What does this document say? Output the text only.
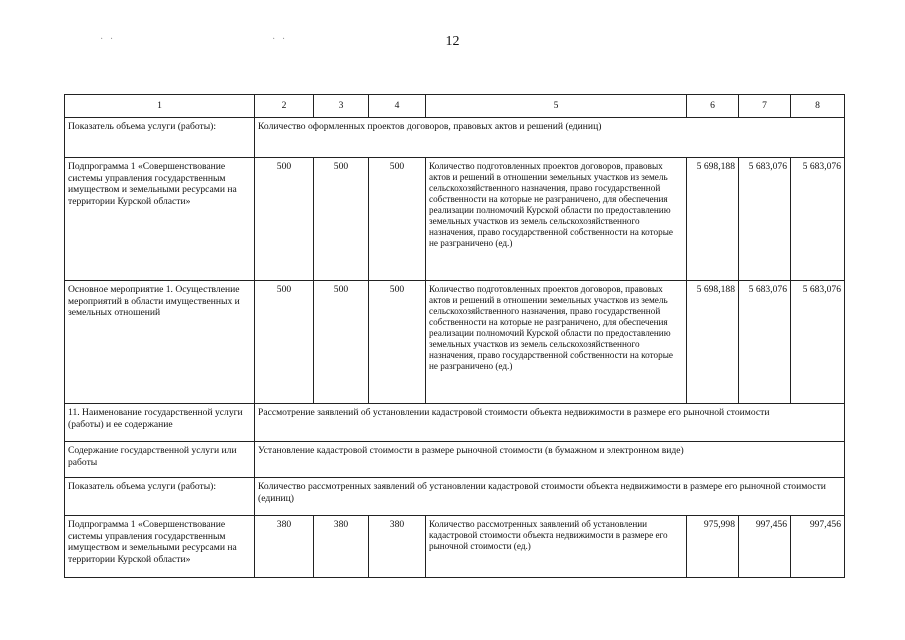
· ·	· ·	12
1	2	3	4	5	6	7	8
Показатель объема услуги (работы):	Количество оформленных проектов договоров, правовых актов и решений (единиц)						
Подпрограмма 1 «Совершенствование системы управления государственным имуществом и земельными ресурсами на территории Курской области»	500	500	500	Количество подготовленных проектов договоров, правовых актов и решений в отношении земельных участков из земель сельскохозяйственного назначения, право государственной собственности на которые не разграничено, для обеспечения реализации полномочий Курской области по предоставлению земельных участков из земель сельскохозяйственного назначения, право государственной собственности на которые не разграничено (ед.)	5 698,188	5 683,076	5 683,076
Основное мероприятие 1. Осуществление мероприятий в области имущественных и земельных отношений	500	500	500	Количество подготовленных проектов договоров, правовых актов и решений в отношении земельных участков из земель сельскохозяйственного назначения, право государственной собственности на которые не разграничено, для обеспечения реализации полномочий Курской области по предоставлению земельных участков из земель сельскохозяйственного назначения, право государственной собственности на которые не разграничено (ед.)	5 698,188	5 683,076	5 683,076
11. Наименование государственной услуги (работы) и ее содержание	Рассмотрение заявлений об установлении кадастровой стоимости объекта недвижимости в размере его рыночной стоимости						
Содержание государственной услуги или работы	Установление кадастровой стоимости в размере рыночной стоимости (в бумажном и электронном виде)						
Показатель объема услуги (работы):	Количество рассмотренных заявлений об установлении кадастровой стоимости объекта недвижимости в размере его рыночной стоимости (единиц)						
Подпрограмма 1 «Совершенствование системы управления государственным имуществом и земельными ресурсами на территории Курской области»	380	380	380	Количество рассмотренных заявлений об установлении кадастровой стоимости объекта недвижимости в размере его рыночной стоимости (ед.)	975,998	997,456	997,456
